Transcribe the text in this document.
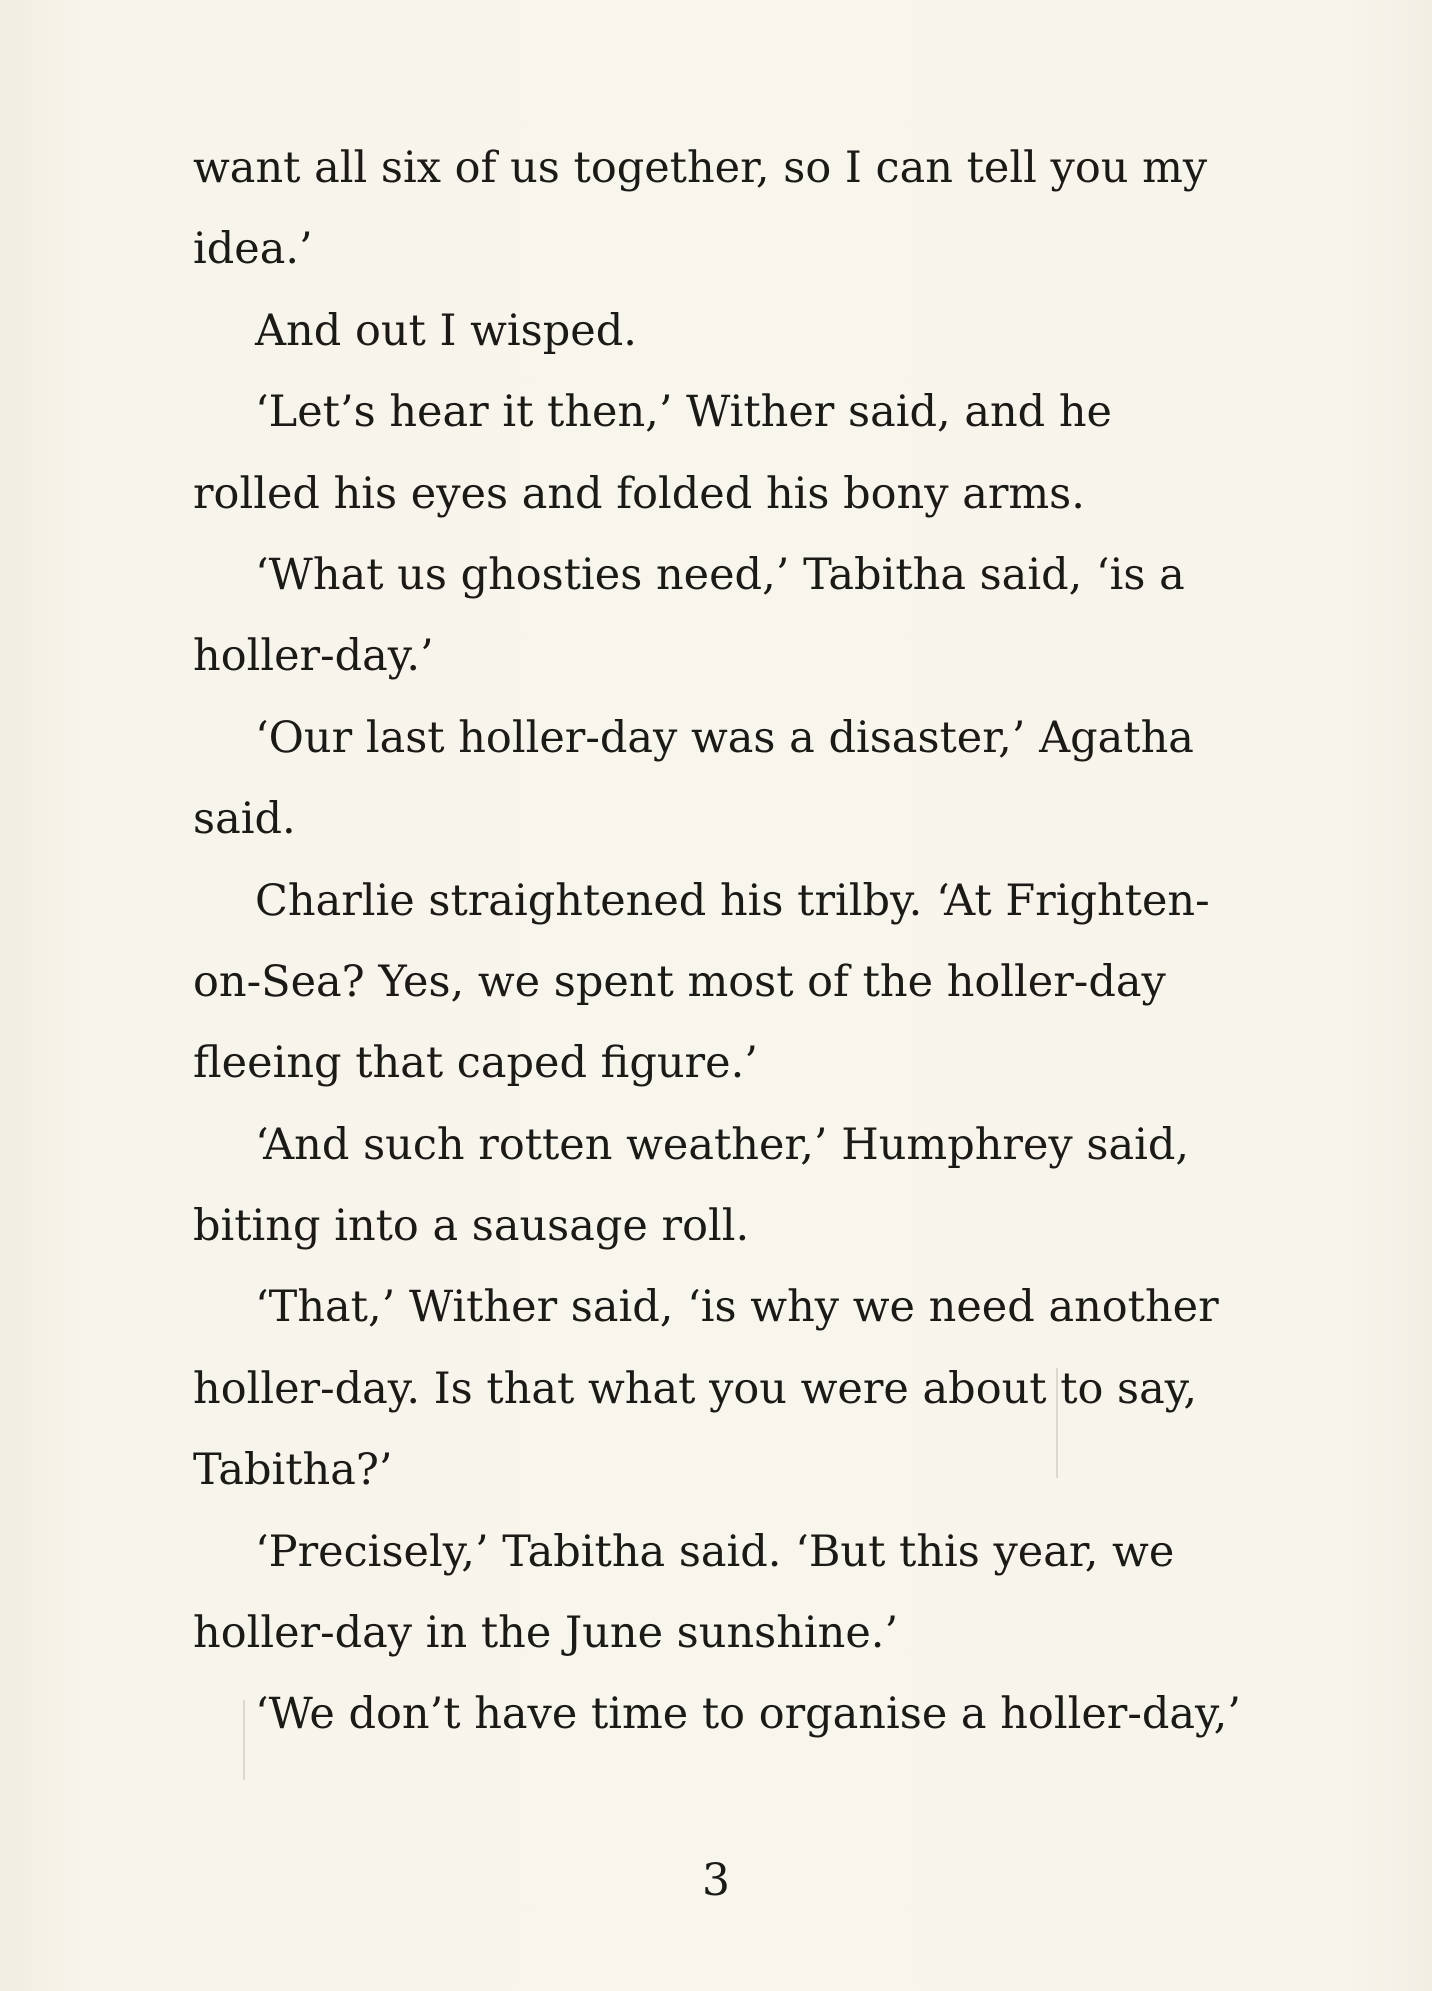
want all six of us together, so I can tell you my
idea.’
And out I wisped.
‘Let’s hear it then,’ Wither said, and he
rolled his eyes and folded his bony arms.
‘What us ghosties need,’ Tabitha said, ‘is a
holler-day.’
‘Our last holler-day was a disaster,’ Agatha
said.
Charlie straightened his trilby. ‘At Frighten-
on-Sea? Yes, we spent most of the holler-day
fleeing that caped figure.’
‘And such rotten weather,’ Humphrey said,
biting into a sausage roll.
‘That,’ Wither said, ‘is why we need another
holler-day. Is that what you were about to say,
Tabitha?’
‘Precisely,’ Tabitha said. ‘But this year, we
holler-day in the June sunshine.’
‘We don’t have time to organise a holler-day,’
3
